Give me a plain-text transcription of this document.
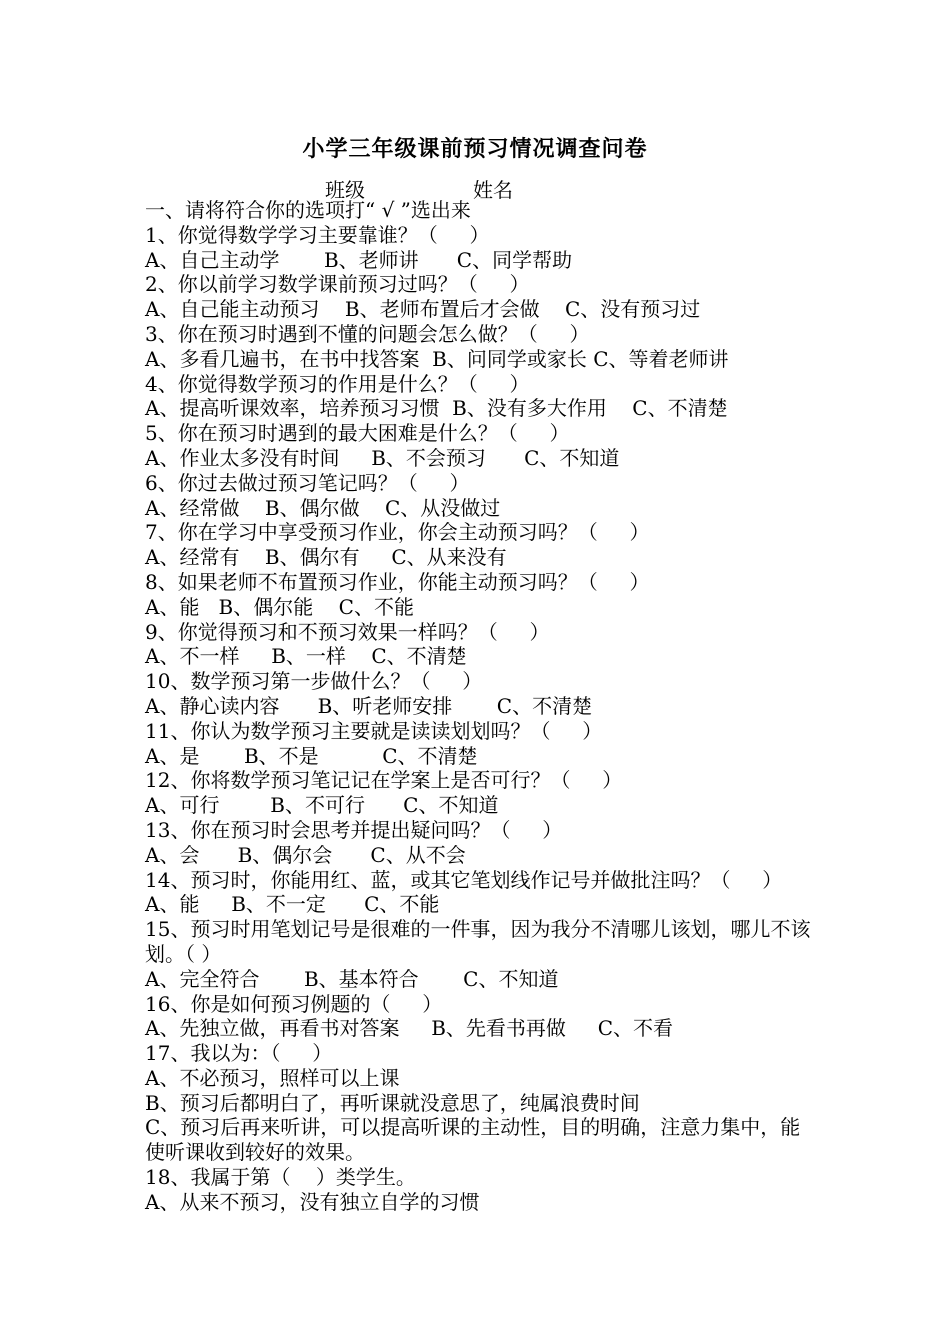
小学三年级课前预习情况调查问卷
班级	姓名
一、请将符合你的选项打“ √ ”选出来
1、你觉得数学学习主要靠谁？（     ）
A、自己主动学       B、老师讲      C、同学帮助
2、你以前学习数学课前预习过吗？（     ）
A、自己能主动预习    B、老师布置后才会做    C、没有预习过
3、你在预习时遇到不懂的问题会怎么做？（     ）
A、多看几遍书，在书中找答案  B、问同学或家长 C、等着老师讲
4、你觉得数学预习的作用是什么？（     ）
A、提高听课效率，培养预习习惯  B、没有多大作用    C、不清楚
5、你在预习时遇到的最大困难是什么？（     ）
A、作业太多没有时间     B、不会预习      C、不知道
6、你过去做过预习笔记吗？（     ）
A、经常做    B、偶尔做    C、从没做过
7、你在学习中享受预习作业，你会主动预习吗？（     ）
A、经常有    B、偶尔有     C、从来没有
8、如果老师不布置预习作业，你能主动预习吗？（     ）
A、能   B、偶尔能    C、不能
9、你觉得预习和不预习效果一样吗？（     ）
A、不一样     B、一样    C、不清楚
10、数学预习第一步做什么？（     ）
A、静心读内容      B、听老师安排       C、不清楚
11、你认为数学预习主要就是读读划划吗？（     ）
A、是       B、不是          C、不清楚
12、你将数学预习笔记记在学案上是否可行？（     ）
A、可行        B、不可行      C、不知道
13、你在预习时会思考并提出疑问吗？（     ）
A、会      B、偶尔会      C、从不会
14、预习时，你能用红、蓝，或其它笔划线作记号并做批注吗？（     ）
A、能     B、不一定      C、不能
15、预习时用笔划记号是很难的一件事，因为我分不清哪儿该划，哪儿不该划。（ ）
A、完全符合       B、基本符合       C、不知道
16、你是如何预习例题的（     ）
A、先独立做，再看书对答案     B、先看书再做     C、不看
17、我以为：（     ）
A、不必预习，照样可以上课
B、预习后都明白了，再听课就没意思了，纯属浪费时间
C、预习后再来听讲，可以提高听课的主动性，目的明确，注意力集中，能使听课收到较好的效果。
18、我属于第（    ）类学生。
A、从来不预习，没有独立自学的习惯
